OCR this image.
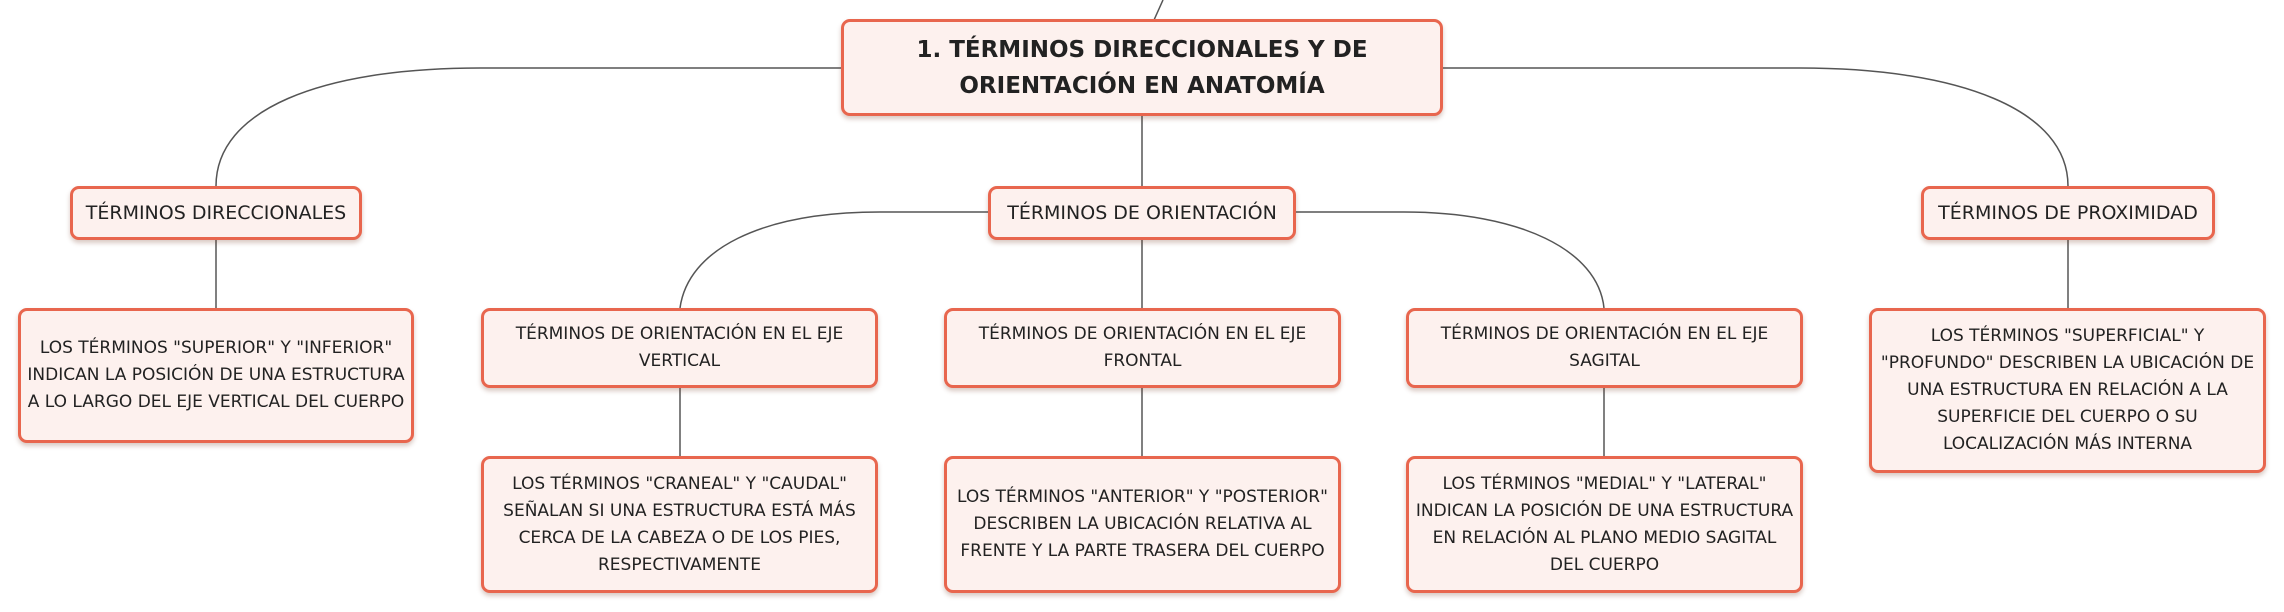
1. TÉRMINOS DIRECCIONALES Y DE ORIENTACIÓN EN ANATOMÍA
TÉRMINOS DIRECCIONALES	TÉRMINOS DE ORIENTACIÓN	TÉRMINOS DE PROXIMIDAD
LOS TÉRMINOS "SUPERIOR" Y "INFERIOR" INDICAN LA POSICIÓN DE UNA ESTRUCTURA A LO LARGO DEL EJE VERTICAL DEL CUERPO
TÉRMINOS DE ORIENTACIÓN EN EL EJE VERTICAL
TÉRMINOS DE ORIENTACIÓN EN EL EJE FRONTAL
TÉRMINOS DE ORIENTACIÓN EN EL EJE SAGITAL
LOS TÉRMINOS "CRANEAL" Y "CAUDAL" SEÑALAN SI UNA ESTRUCTURA ESTÁ MÁS CERCA DE LA CABEZA O DE LOS PIES, RESPECTIVAMENTE
LOS TÉRMINOS "ANTERIOR" Y "POSTERIOR" DESCRIBEN LA UBICACIÓN RELATIVA AL FRENTE Y LA PARTE TRASERA DEL CUERPO
LOS TÉRMINOS "MEDIAL" Y "LATERAL" INDICAN LA POSICIÓN DE UNA ESTRUCTURA EN RELACIÓN AL PLANO MEDIO SAGITAL DEL CUERPO
LOS TÉRMINOS "SUPERFICIAL" Y "PROFUNDO" DESCRIBEN LA UBICACIÓN DE UNA ESTRUCTURA EN RELACIÓN A LA SUPERFICIE DEL CUERPO O SU LOCALIZACIÓN MÁS INTERNA
